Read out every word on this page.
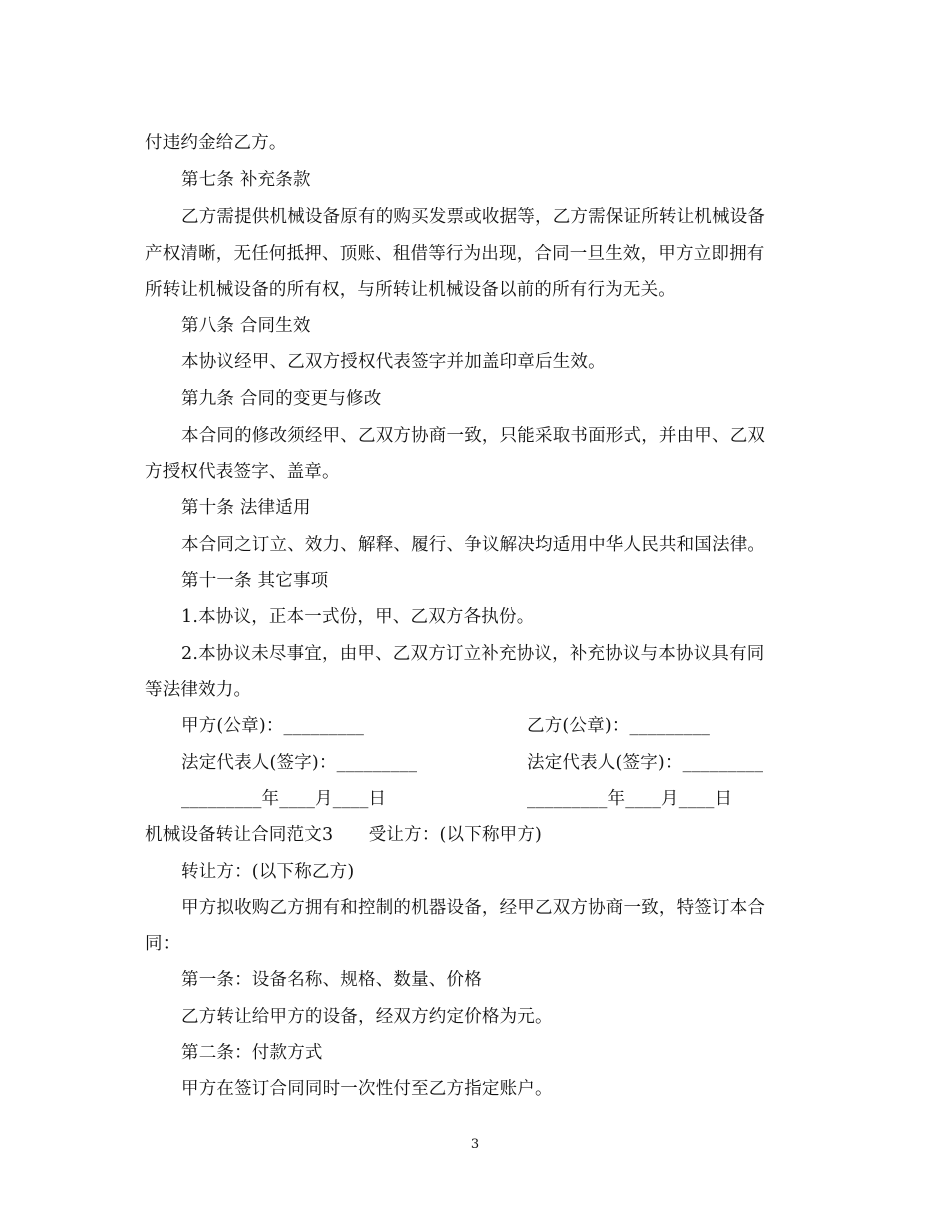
付违约金给乙方。
第七条 补充条款
乙方需提供机械设备原有的购买发票或收据等，乙方需保证所转让机械设备
产权清晰，无任何抵押、顶账、租借等行为出现，合同一旦生效，甲方立即拥有
所转让机械设备的所有权，与所转让机械设备以前的所有行为无关。
第八条 合同生效
本协议经甲、乙双方授权代表签字并加盖印章后生效。
第九条 合同的变更与修改
本合同的修改须经甲、乙双方协商一致，只能采取书面形式，并由甲、乙双
方授权代表签字、盖章。
第十条 法律适用
本合同之订立、效力、解释、履行、争议解决均适用中华人民共和国法律。
第十一条 其它事项
1.本协议，正本一式份，甲、乙双方各执份。
2.本协议未尽事宜，由甲、乙双方订立补充协议，补充协议与本协议具有同
等法律效力。
甲方(公章)：_________	乙方(公章)：_________
法定代表人(签字)：_________	法定代表人(签字)：_________
_________年____月____日	_________年____月____日
机械设备转让合同范文3　　受让方：(以下称甲方)
转让方：(以下称乙方)
甲方拟收购乙方拥有和控制的机器设备，经甲乙双方协商一致，特签订本合
同：
第一条：设备名称、规格、数量、价格
乙方转让给甲方的设备，经双方约定价格为元。
第二条：付款方式
甲方在签订合同同时一次性付至乙方指定账户。
3
